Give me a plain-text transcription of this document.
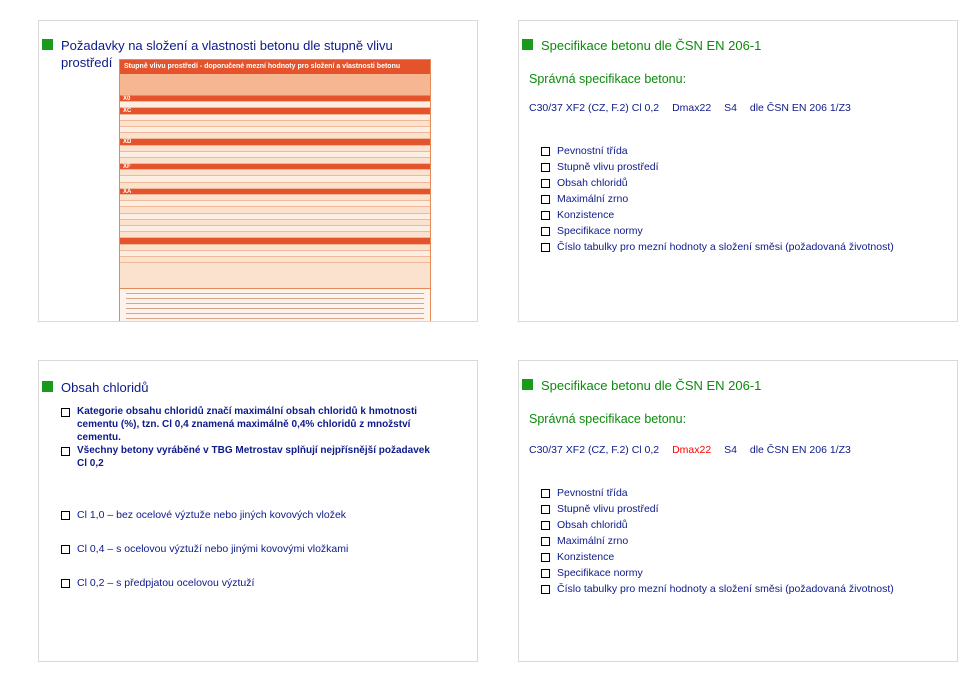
Požadavky na složení a vlastnosti betonu dle stupně vlivu prostředí	Stupně vlivu prostředí - doporučené mezní hodnoty pro složení a vlastnosti betonu
X0
XC
XD
XF
XA
Specifikace betonu dle ČSN EN 206-1
Správná specifikace betonu:
C30/37 XF2 (CZ, F.2) Cl 0,2 Dmax22 S4 dle ČSN EN 206 1/Z3
Pevnostní třída
Stupně vlivu prostředí
Obsah chloridů
Maximální zrno
Konzistence
Specifikace normy
Číslo tabulky pro mezní hodnoty a složení směsi (požadovaná životnost)
Obsah chloridů
Kategorie obsahu chloridů značí maximální obsah chloridů k hmotnosti cementu (%), tzn. Cl 0,4 znamená maximálně 0,4% chloridů z množství cementu.
Všechny betony vyráběné v TBG Metrostav splňují nejpřísnější požadavek Cl 0,2
Cl 1,0 – bez ocelové výztuže nebo jiných kovových vložek
Cl 0,4 – s ocelovou výztuží nebo jinými kovovými vložkami
Cl 0,2 – s předpjatou ocelovou výztuží
Specifikace betonu dle ČSN EN 206-1
Správná specifikace betonu:
C30/37 XF2 (CZ, F.2) Cl 0,2 Dmax22 S4 dle ČSN EN 206 1/Z3
Pevnostní třída
Stupně vlivu prostředí
Obsah chloridů
Maximální zrno
Konzistence
Specifikace normy
Číslo tabulky pro mezní hodnoty a složení směsi (požadovaná životnost)
